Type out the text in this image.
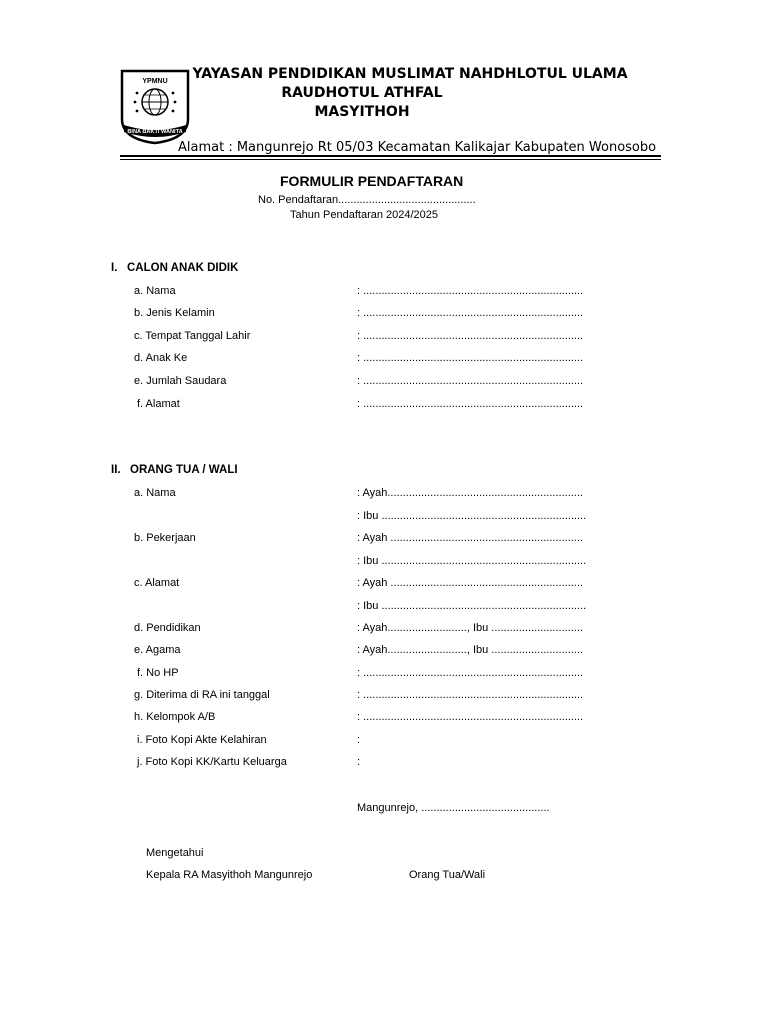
YPMNU
BINA BAKTI WANITA
YAYASAN PENDIDIKAN MUSLIMAT NAHDHLOTUL ULAMA
RAUDHOTUL ATHFAL
MASYITHOH
Alamat : Mangunrejo Rt 05/03 Kecamatan Kalikajar Kabupaten Wonosobo
FORMULIR PENDAFTARAN
No. Pendaftaran.............................................
Tahun Pendaftaran 2024/2025
I. CALON ANAK DIDIK
a. Nama	: ........................................................................
b. Jenis Kelamin	: ........................................................................
c. Tempat Tanggal Lahir	: ........................................................................
d. Anak Ke	: ........................................................................
e. Jumlah Saudara	: ........................................................................
f. Alamat	: ........................................................................
II. ORANG TUA / WALI
a. Nama	: Ayah................................................................
: Ibu ...................................................................
b. Pekerjaan	: Ayah ...............................................................
: Ibu ...................................................................
c. Alamat	: Ayah ...............................................................
: Ibu ...................................................................
d. Pendidikan	: Ayah.........................., Ibu ..............................
e. Agama	: Ayah.........................., Ibu ..............................
f. No HP	: ........................................................................
g. Diterima di RA ini tanggal	: ........................................................................
h. Kelompok A/B	: ........................................................................
i. Foto Kopi Akte Kelahiran	:
j. Foto Kopi KK/Kartu Keluarga	:
Mangunrejo, ..........................................
Mengetahui
Kepala RA Masyithoh Mangunrejo	Orang Tua/Wali
